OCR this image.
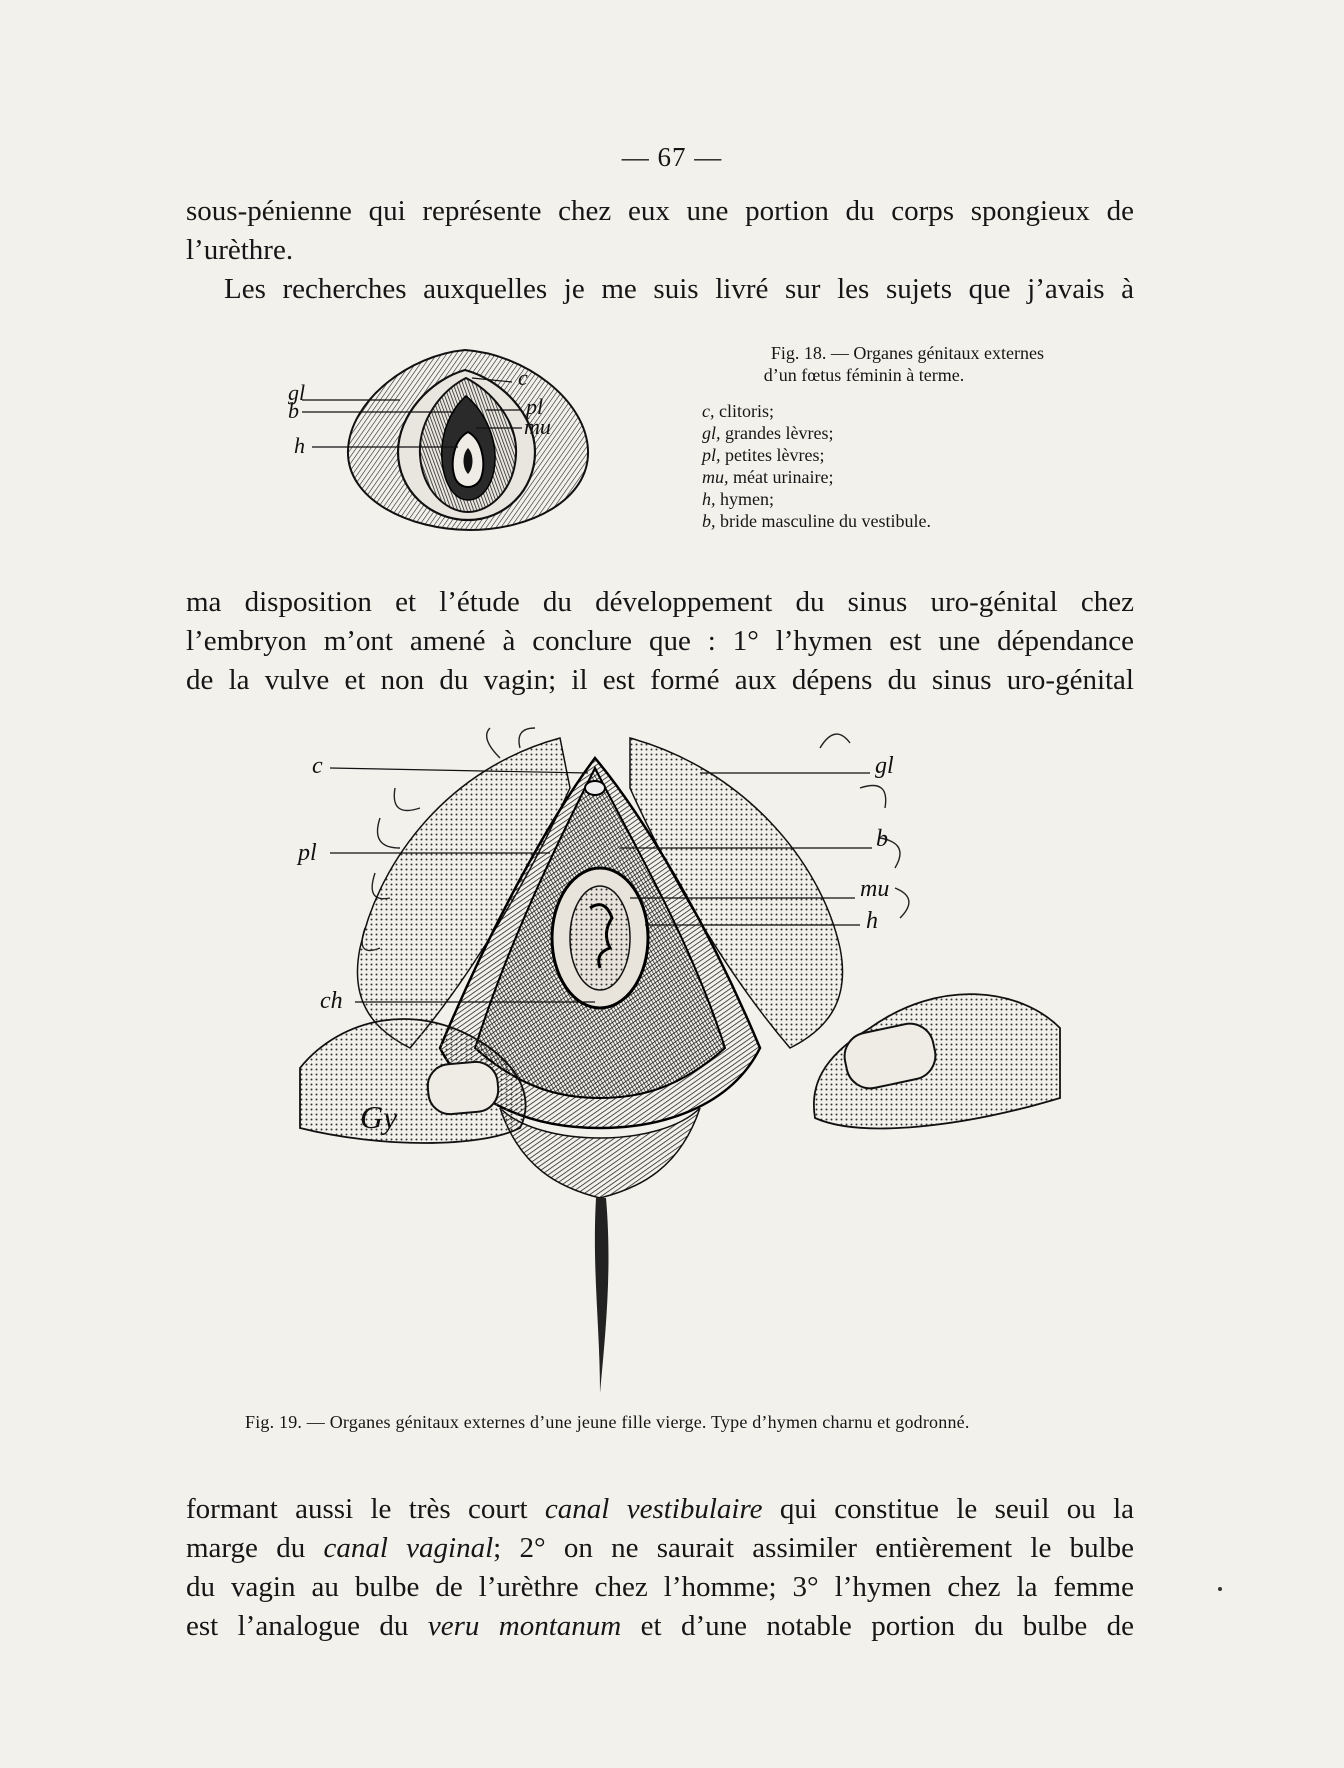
— 67 —

sous-pénienne qui représente chez eux une portion du corps spongieux de

l’urèthre.

Les recherches auxquelles je me suis livré sur les sujets que j’avais à

gl
b
h
c
pl
mu
Fig. 18. — Organes génitaux externes
d’un fœtus féminin à terme.
c, clitoris;
gl, grandes lèvres;
pl, petites lèvres;
mu, méat urinaire;
h, hymen;
b, bride masculine du vestibule.

ma disposition et l’étude du développement du sinus uro-génital chez

l’embryon m’ont amené à conclure que : 1° l’hymen est une dépendance

de la vulve et non du vagin; il est formé aux dépens du sinus uro-génital

c	gl
pl
b
mu
h
ch
Gy
Fig. 19. — Organes génitaux externes d’une jeune fille vierge. Type d’hymen charnu et godronné.

formant aussi le très court canal vestibulaire qui constitue le seuil ou la

marge du canal vaginal; 2° on ne saurait assimiler entièrement le bulbe

du vagin au bulbe de l’urèthre chez l’homme; 3° l’hymen chez la femme

est l’analogue du veru montanum et d’une notable portion du bulbe de
